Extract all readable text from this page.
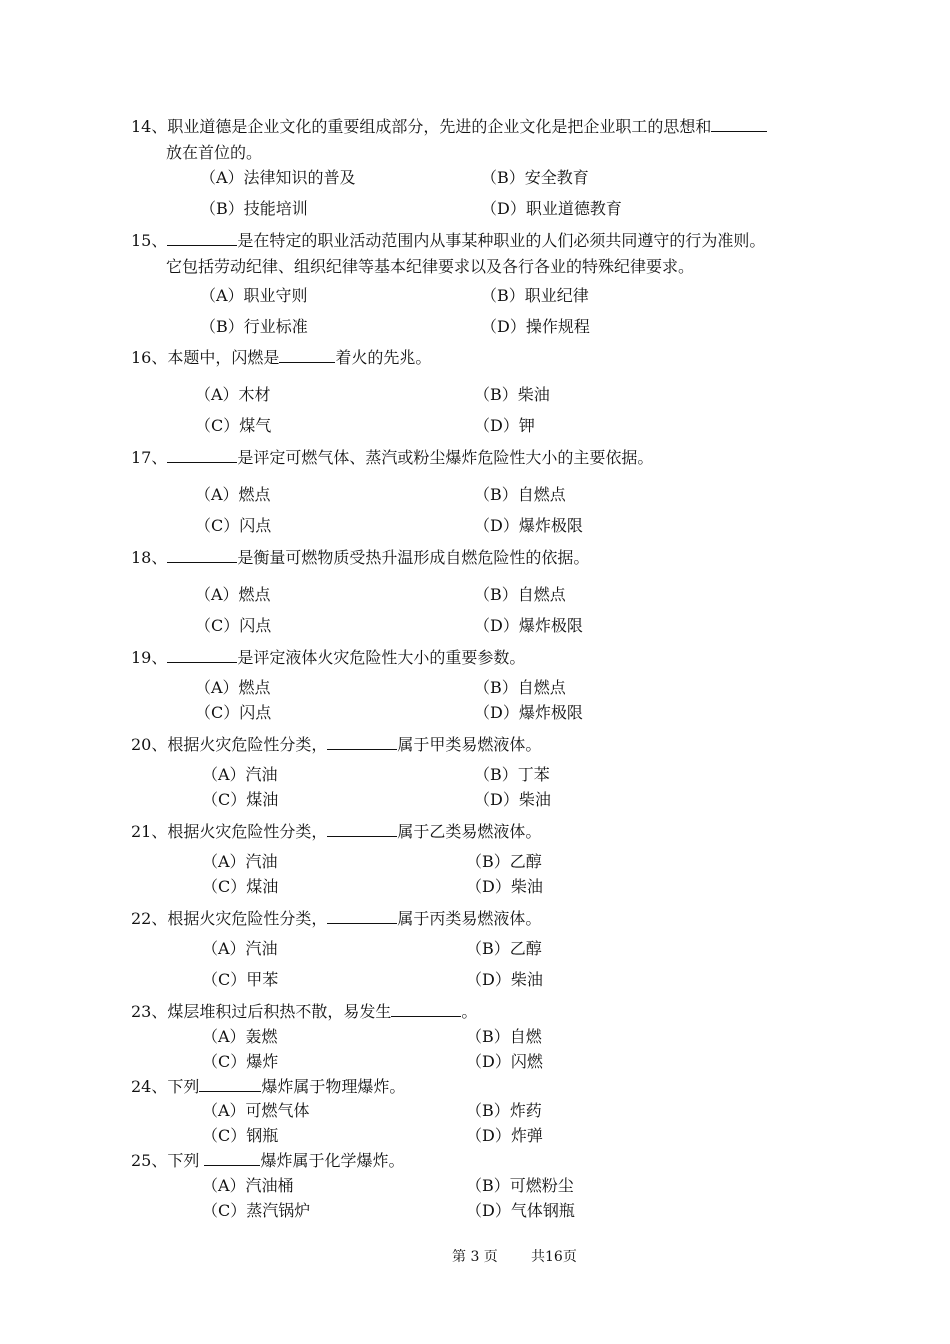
14、职业道德是企业文化的重要组成部分，先进的企业文化是把企业职工的思想和
放在首位的。
（A）法律知识的普及	（B）安全教育
（B）技能培训	（D）职业道德教育
15、	是在特定的职业活动范围内从事某种职业的人们必须共同遵守的行为准则。
它包括劳动纪律、组织纪律等基本纪律要求以及各行各业的特殊纪律要求。
（A）职业守则	（B）职业纪律
（B）行业标准	（D）操作规程
16、本题中，闪燃是	着火的先兆。
（A）木材	（B）柴油
（C）煤气	（D）钾
17、	是评定可燃气体、蒸汽或粉尘爆炸危险性大小的主要依据。
（A）燃点	（B）自燃点
（C）闪点	（D）爆炸极限
18、	是衡量可燃物质受热升温形成自燃危险性的依据。
（A）燃点	（B）自燃点
（C）闪点	（D）爆炸极限
19、	是评定液体火灾危险性大小的重要参数。
（A）燃点	（B）自燃点
（C）闪点	（D）爆炸极限
20、根据火灾危险性分类，	属于甲类易燃液体。
（A）汽油	（B）丁苯
（C）煤油	（D）柴油
21、根据火灾危险性分类，	属于乙类易燃液体。
（A）汽油	（B）乙醇
（C）煤油	（D）柴油
22、根据火灾危险性分类，	属于丙类易燃液体。
（A）汽油	（B）乙醇
（C）甲苯	（D）柴油
23、煤层堆积过后积热不散，易发生	。
（A）轰燃	（B）自燃
（C）爆炸	（D）闪燃
24、下列	爆炸属于物理爆炸。
（A）可燃气体	（B）炸药
（C）钢瓶	（D）炸弹
25、下列	爆炸属于化学爆炸。
（A）汽油桶	（B）可燃粉尘
（C）蒸汽锅炉	（D）气体钢瓶
第 3 页 共16页
